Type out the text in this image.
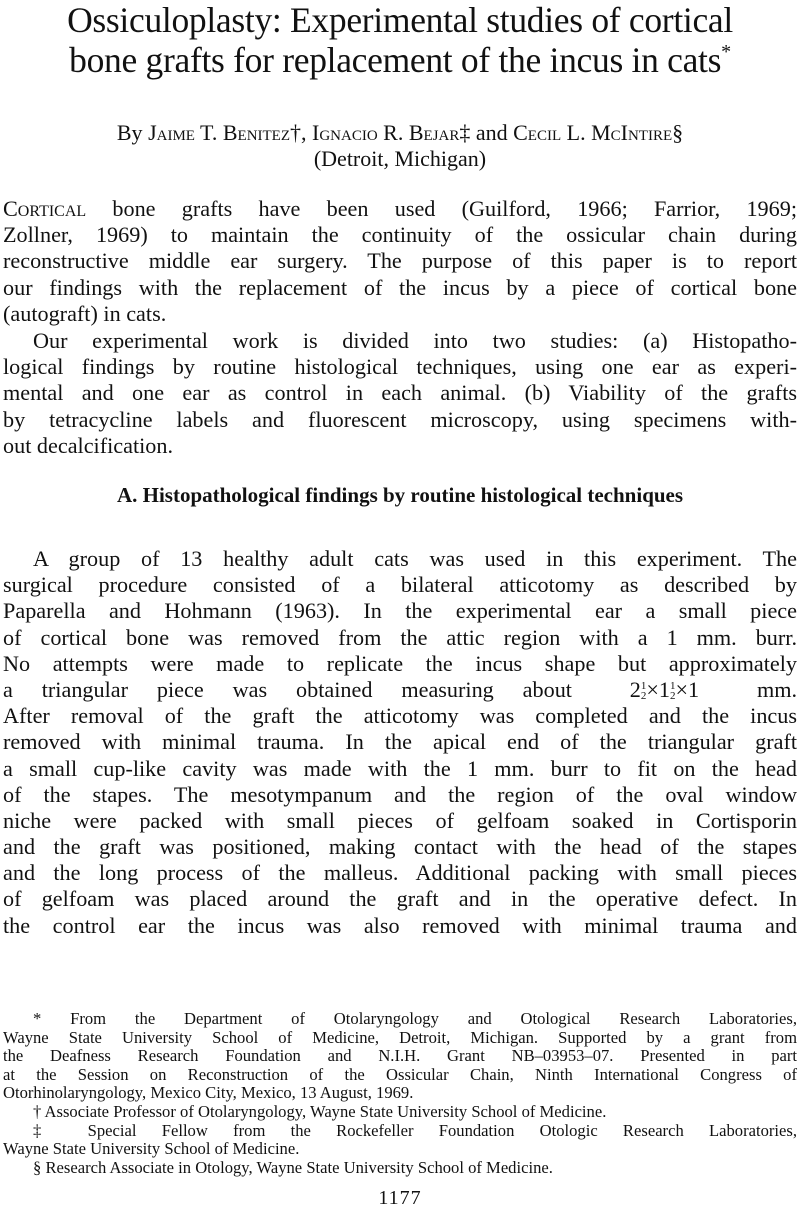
Ossiculoplasty: Experimental studies of cortical
bone grafts for replacement of the incus in cats*
By Jaime T. Benitez†, Ignacio R. Bejar‡ and Cecil L. McIntire§
(Detroit, Michigan)

Cortical bone grafts have been used (Guilford, 1966; Farrior, 1969;
Zollner, 1969) to maintain the continuity of the ossicular chain during
reconstructive middle ear surgery. The purpose of this paper is to report
our findings with the replacement of the incus by a piece of cortical bone
(autograft) in cats.

Our experimental work is divided into two studies: (a) Histopatho-
logical findings by routine histological techniques, using one ear as experi-
mental and one ear as control in each animal. (b) Viability of the grafts
by tetracycline labels and fluorescent microscopy, using specimens with-
out decalcification.

A. Histopathological findings by routine histological techniques

A group of 13 healthy adult cats was used in this experiment. The
surgical procedure consisted of a bilateral atticotomy as described by
Paparella and Hohmann (1963). In the experimental ear a small piece
of cortical bone was removed from the attic region with a 1 mm. burr.
No attempts were made to replicate the incus shape but approximately
a triangular piece was obtained measuring about	2 1
2 ×1 1
2 ×1	mm.
After removal of the graft the atticotomy was completed and the incus
removed with minimal trauma. In the apical end of the triangular graft
a small cup-like cavity was made with the 1 mm. burr to fit on the head
of the stapes. The mesotympanum and the region of the oval window
niche were packed with small pieces of gelfoam soaked in Cortisporin
and the graft was positioned, making contact with the head of the stapes
and the long process of the malleus. Additional packing with small pieces
of gelfoam was placed around the graft and in the operative defect. In
the control ear the incus was also removed with minimal trauma and

* From the Department of Otolaryngology and Otological Research Laboratories,
Wayne State University School of Medicine, Detroit, Michigan. Supported by a grant from
the Deafness Research Foundation and N.I.H. Grant NB–03953–07. Presented in part
at the Session on Reconstruction of the Ossicular Chain, Ninth International Congress of
Otorhinolaryngology, Mexico City, Mexico, 13 August, 1969.
† Associate Professor of Otolaryngology, Wayne State University School of Medicine.
‡ Special Fellow from the Rockefeller Foundation Otologic Research Laboratories,
Wayne State University School of Medicine.
§ Research Associate in Otology, Wayne State University School of Medicine.
1177
